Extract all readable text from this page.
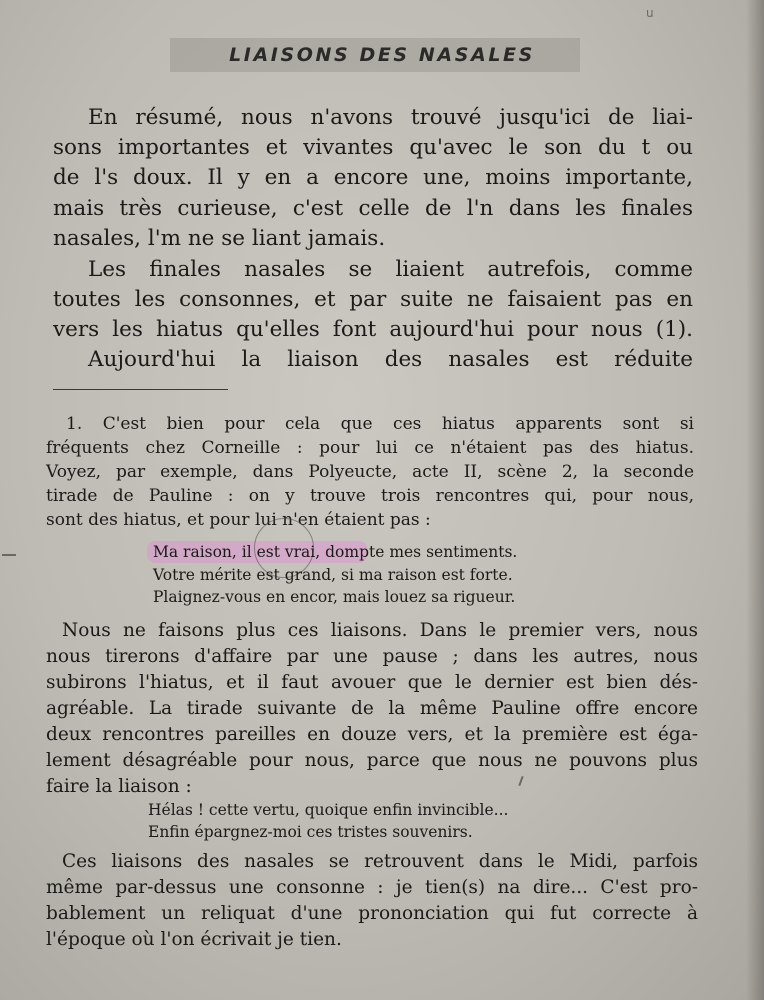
u
LIAISONS DES NASALES
En résumé, nous n'avons trouvé jusqu'ici de liai-
sons importantes et vivantes qu'avec le son du t ou
de l's doux. Il y en a encore une, moins importante,
mais très curieuse, c'est celle de l'n dans les finales
nasales, l'm ne se liant jamais.
Les finales nasales se liaient autrefois, comme
toutes les consonnes, et par suite ne faisaient pas en
vers les hiatus qu'elles font aujourd'hui pour nous (1).
Aujourd'hui la liaison des nasales est réduite
1. C'est bien pour cela que ces hiatus apparents sont si
fréquents chez Corneille : pour lui ce n'étaient pas des hiatus.
Voyez, par exemple, dans Polyeucte, acte II, scène 2, la seconde
tirade de Pauline : on y trouve trois rencontres qui, pour nous,
sont des hiatus, et pour lui n'en étaient pas :
Ma raison, il est vrai, dompte mes sentiments.
Votre mérite est grand, si ma raison est forte.
Plaignez-vous en encor, mais louez sa rigueur.
Nous ne faisons plus ces liaisons. Dans le premier vers, nous
nous tirerons d'affaire par une pause ; dans les autres, nous
subirons l'hiatus, et il faut avouer que le dernier est bien dés-
agréable. La tirade suivante de la même Pauline offre encore
deux rencontres pareilles en douze vers, et la première est éga-
lement désagréable pour nous, parce que nous ne pouvons plus
faire la liaison :
Hélas ! cette vertu, quoique enfin invincible...
Enfin épargnez-moi ces tristes souvenirs.
Ces liaisons des nasales se retrouvent dans le Midi, parfois
même par-dessus une consonne : je tien(s) na dire... C'est pro-
bablement un reliquat d'une prononciation qui fut correcte à
l'époque où l'on écrivait je tien.
